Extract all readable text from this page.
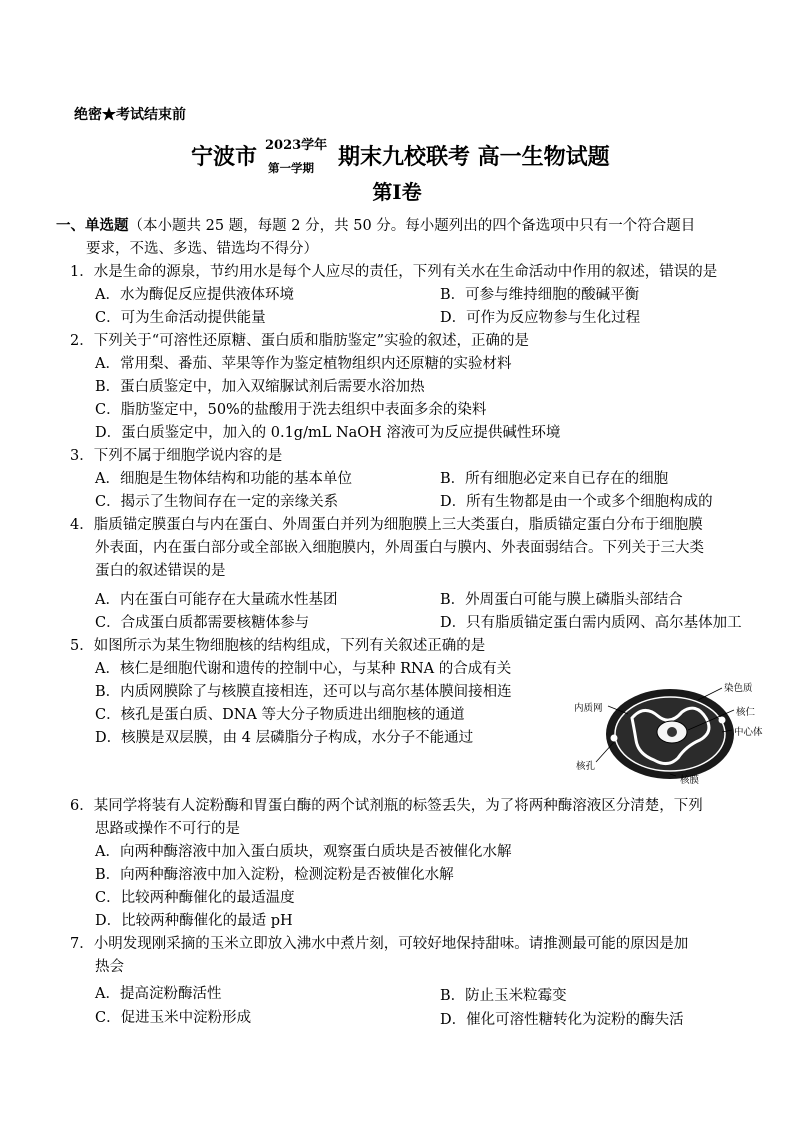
绝密★考试结束前
宁波市 2023学年
第一学期 期末九校联考 高一生物试题
第Ⅰ卷
一、单选题（本小题共 25 题，每题 2 分，共 50 分。每小题列出的四个备选项中只有一个符合题目
要求，不选、多选、错选均不得分）
1．水是生命的源泉，节约用水是每个人应尽的责任，下列有关水在生命活动中作用的叙述，错误的是
A．水为酶促反应提供液体环境	B．可参与维持细胞的酸碱平衡
C．可为生命活动提供能量	D．可作为反应物参与生化过程
2．下列关于“可溶性还原糖、蛋白质和脂肪鉴定”实验的叙述，正确的是
A．常用梨、番茄、苹果等作为鉴定植物组织内还原糖的实验材料
B．蛋白质鉴定中，加入双缩脲试剂后需要水浴加热
C．脂肪鉴定中，50%的盐酸用于洗去组织中表面多余的染料
D．蛋白质鉴定中，加入的 0.1g/mL NaOH 溶液可为反应提供碱性环境
3．下列不属于细胞学说内容的是
A．细胞是生物体结构和功能的基本单位	B．所有细胞必定来自已存在的细胞
C．揭示了生物间存在一定的亲缘关系	D．所有生物都是由一个或多个细胞构成的
4．脂质锚定膜蛋白与内在蛋白、外周蛋白并列为细胞膜上三大类蛋白，脂质锚定蛋白分布于细胞膜
外表面，内在蛋白部分或全部嵌入细胞膜内，外周蛋白与膜内、外表面弱结合。下列关于三大类
蛋白的叙述错误的是
A．内在蛋白可能存在大量疏水性基团	B．外周蛋白可能与膜上磷脂头部结合
C．合成蛋白质都需要核糖体参与	D．只有脂质锚定蛋白需内质网、高尔基体加工
5．如图所示为某生物细胞核的结构组成，下列有关叙述正确的是
A．核仁是细胞代谢和遗传的控制中心，与某种 RNA 的合成有关
B．内质网膜除了与核膜直接相连，还可以与高尔基体膜间接相连
C．核孔是蛋白质、DNA 等大分子物质进出细胞核的通道
D．核膜是双层膜，由 4 层磷脂分子构成，水分子不能通过
染色质
内质网	核仁
中心体
核孔
核膜
6．某同学将装有人淀粉酶和胃蛋白酶的两个试剂瓶的标签丢失，为了将两种酶溶液区分清楚，下列
思路或操作不可行的是
A．向两种酶溶液中加入蛋白质块，观察蛋白质块是否被催化水解
B．向两种酶溶液中加入淀粉，检测淀粉是否被催化水解
C．比较两种酶催化的最适温度
D．比较两种酶催化的最适 pH
7．小明发现刚采摘的玉米立即放入沸水中煮片刻，可较好地保持甜味。请推测最可能的原因是加
热会
A．提高淀粉酶活性	B．防止玉米粒霉变
C．促进玉米中淀粉形成	D．催化可溶性糖转化为淀粉的酶失活
